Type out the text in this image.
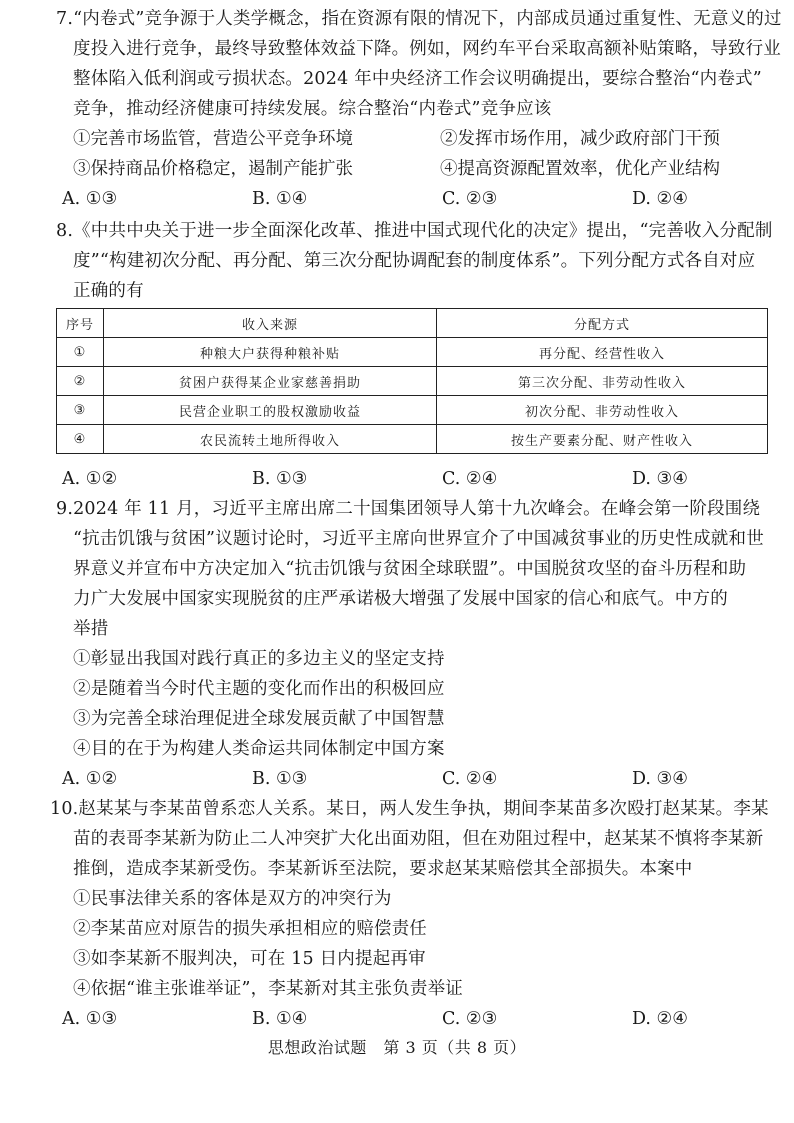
7.“内卷式”竞争源于人类学概念，指在资源有限的情况下，内部成员通过重复性、无意义的过
度投入进行竞争，最终导致整体效益下降。例如，网约车平台采取高额补贴策略，导致行业
整体陷入低利润或亏损状态。2024 年中央经济工作会议明确提出，要综合整治“内卷式”
竞争，推动经济健康可持续发展。综合整治“内卷式”竞争应该
①完善市场监管，营造公平竞争环境	②发挥市场作用，减少政府部门干预
③保持商品价格稳定，遏制产能扩张	④提高资源配置效率，优化产业结构
A. ①③	B. ①④	C. ②③	D. ②④
8.《中共中央关于进一步全面深化改革、推进中国式现代化的决定》提出，“完善收入分配制
度”“构建初次分配、再分配、第三次分配协调配套的制度体系”。下列分配方式各自对应
正确的有
序号	收入来源	分配方式
①	种粮大户获得种粮补贴	再分配、经营性收入
②	贫困户获得某企业家慈善捐助	第三次分配、非劳动性收入
③	民营企业职工的股权激励收益	初次分配、非劳动性收入
④	农民流转土地所得收入	按生产要素分配、财产性收入
A. ①②	B. ①③	C. ②④	D. ③④
9.2024 年 11 月，习近平主席出席二十国集团领导人第十九次峰会。在峰会第一阶段围绕
“抗击饥饿与贫困”议题讨论时，习近平主席向世界宣介了中国减贫事业的历史性成就和世
界意义并宣布中方决定加入“抗击饥饿与贫困全球联盟”。中国脱贫攻坚的奋斗历程和助
力广大发展中国家实现脱贫的庄严承诺极大增强了发展中国家的信心和底气。中方的
举措
①彰显出我国对践行真正的多边主义的坚定支持
②是随着当今时代主题的变化而作出的积极回应
③为完善全球治理促进全球发展贡献了中国智慧
④目的在于为构建人类命运共同体制定中国方案
A. ①②	B. ①③	C. ②④	D. ③④
10.赵某某与李某苗曾系恋人关系。某日，两人发生争执，期间李某苗多次殴打赵某某。李某
苗的表哥李某新为防止二人冲突扩大化出面劝阻，但在劝阻过程中，赵某某不慎将李某新
推倒，造成李某新受伤。李某新诉至法院，要求赵某某赔偿其全部损失。本案中
①民事法律关系的客体是双方的冲突行为
②李某苗应对原告的损失承担相应的赔偿责任
③如李某新不服判决，可在 15 日内提起再审
④依据“谁主张谁举证”，李某新对其主张负责举证
A. ①③	B. ①④	C. ②③	D. ②④
思想政治试题　第 3 页（共 8 页）
